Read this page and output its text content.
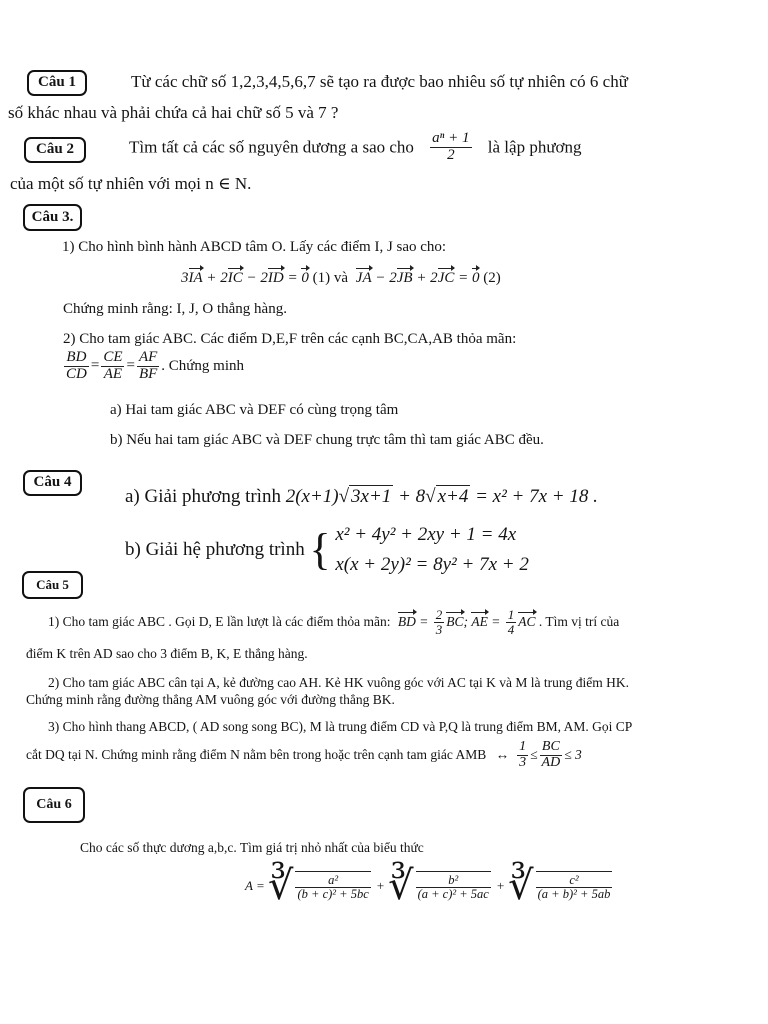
Câu 1	Từ các chữ số 1,2,3,4,5,6,7 sẽ tạo ra được bao nhiêu số tự nhiên có 6 chữ
số khác nhau và phải chứa cả hai chữ số 5 và 7 ?
Câu 2	Tìm tất cả các số nguyên dương a sao cho $\frac{\text{aⁿ + 1}}{2}$ là lập phương
của một số tự nhiên với mọi n ∈ N.
Câu 3.
1) Cho hình bình hành ABCD tâm O. Lấy các điểm I, J sao cho:
3IA + 2IC − 2ID = 0 (1) và JA − 2JB + 2JC = 0 (2)
Chứng minh rằng: I, J, O thẳng hàng.
2) Cho tam giác ABC. Các điểm D,E,F trên các cạnh BC,CA,AB thỏa mãn:
$\frac{BD}{CD} = \frac{CE}{AE} = \frac{AF}{BF}$ . Chứng minh
a) Hai tam giác ABC và DEF có cùng trọng tâm
b) Nếu hai tam giác ABC và DEF chung trực tâm thì tam giác ABC đều.
Câu 4
a) Giải phương trình 2(x+1)√ 3x+1 + 8√ x+4 = x² + 7x + 18 .
b) Giải hệ phương trình { x² + 4y² + 2xy + 1 = 4x
x(x + 2y)² = 8y² + 7x + 2
Câu 5
1) Cho tam giác ABC . Gọi D, E lần lượt là các điểm thỏa mãn: BD = $\frac{2}{3}$ BC; AE = $\frac{1}{4}$ AC . Tìm vị trí của
điểm K trên AD sao cho 3 điểm B, K, E thẳng hàng.
2) Cho tam giác ABC cân tại A, kẻ đường cao AH. Kẻ HK vuông góc với AC tại K và M là trung điểm HK.
Chứng minh rằng đường thẳng AM vuông góc với đường thẳng BK.
3) Cho hình thang ABCD, ( AD song song BC), M là trung điểm CD và P,Q là trung điểm BM, AM. Gọi CP
cắt DQ tại N. Chứng minh rằng điểm N nằm bên trong hoặc trên cạnh tam giác AMB ↔ $\frac{1}{3} \le \frac{BC}{AD} \le 3$
Câu 6
Cho các số thực dương a,b,c. Tìm giá trị nhỏ nhất của biểu thức
A = ∛ $\frac{\text{a²}}{\text{(b + c)² + 5bc}}$ + ∛ $\frac{\text{b²}}{\text{(a + c)² + 5ac}}$ + ∛ $\frac{\text{c²}}{\text{(a + b)² + 5ab}}$
